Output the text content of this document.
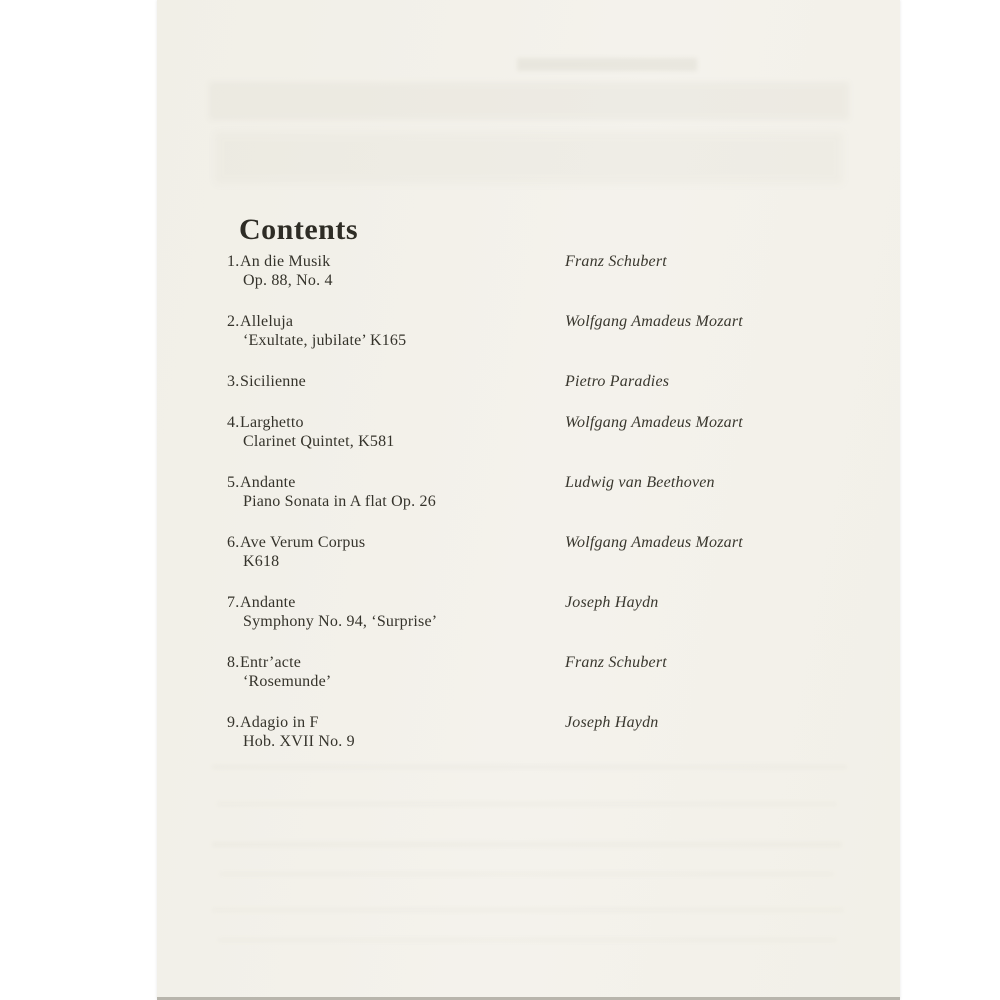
Contents
1.An die Musik
Op. 88, No. 4
Franz Schubert
2.Alleluja
‘Exultate, jubilate’ K165
Wolfgang Amadeus Mozart
3.Sicilienne	Pietro Paradies
4.Larghetto
Clarinet Quintet, K581
Wolfgang Amadeus Mozart
5.Andante
Piano Sonata in A flat Op. 26
Ludwig van Beethoven
6.Ave Verum Corpus
K618
Wolfgang Amadeus Mozart
7.Andante
Symphony No. 94, ‘Surprise’
Joseph Haydn
8.Entr’acte
‘Rosemunde’
Franz Schubert
9.Adagio in F
Hob. XVII No. 9
Joseph Haydn
